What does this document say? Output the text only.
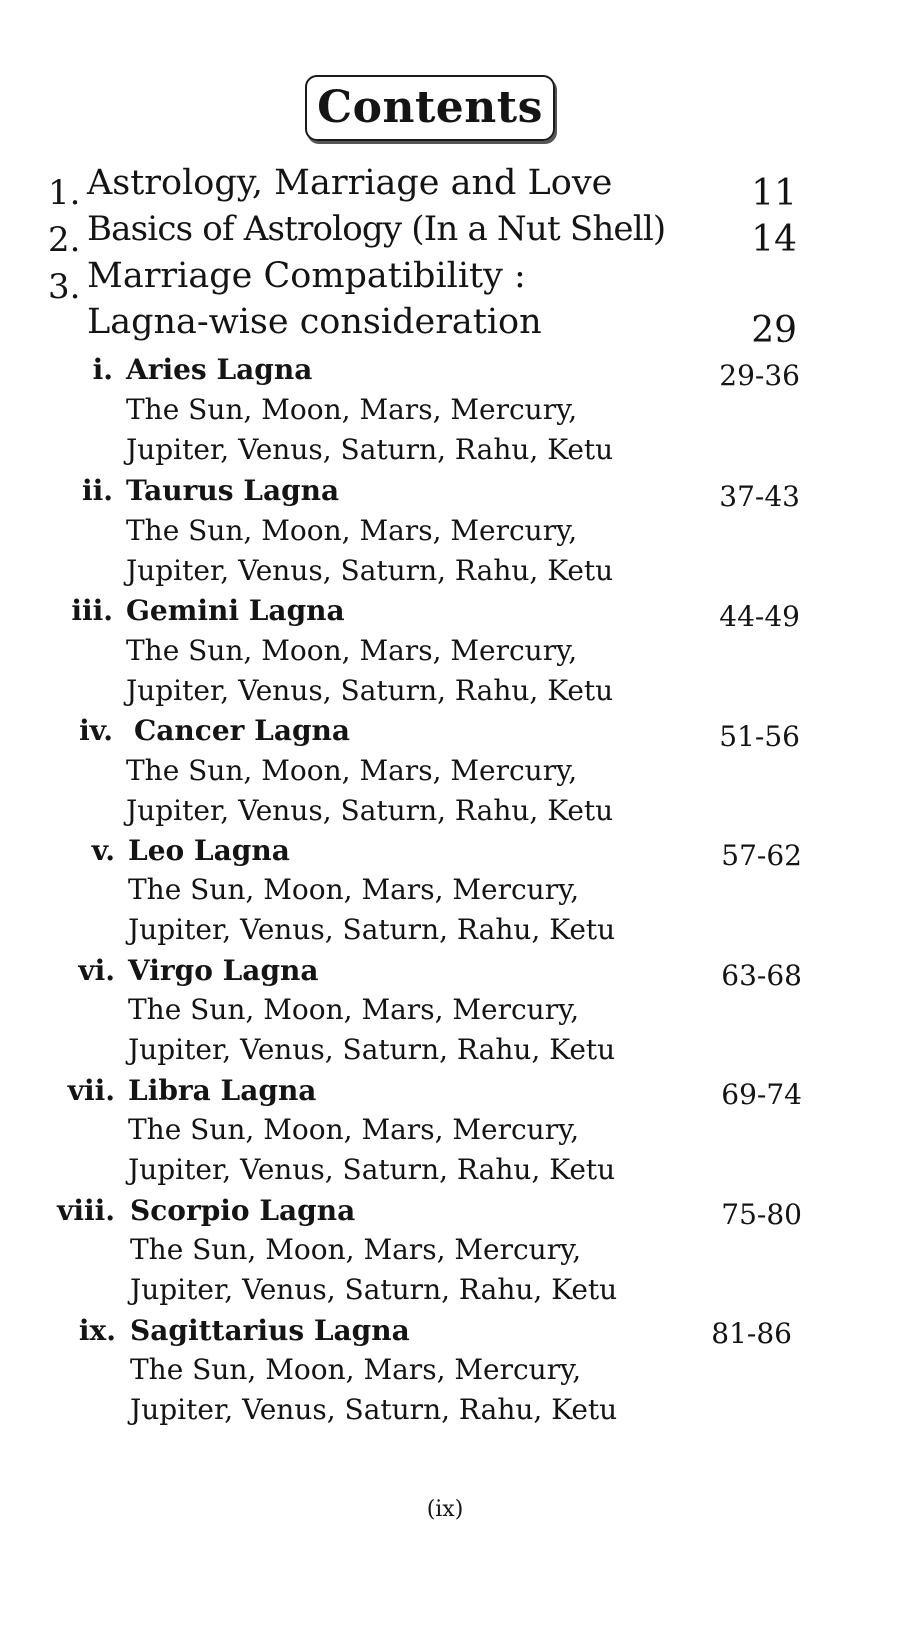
Contents
1. Astrology, Marriage and Love	11
2. Basics of Astrology (In a Nut Shell) 14
3. Marriage Compatibility :
Lagna-wise consideration	29
i. Aries Lagna	29-36
The Sun, Moon, Mars, Mercury,
Jupiter, Venus, Saturn, Rahu, Ketu
ii. Taurus Lagna	37-43
The Sun, Moon, Mars, Mercury,
Jupiter, Venus, Saturn, Rahu, Ketu
iii. Gemini Lagna	44-49
The Sun, Moon, Mars, Mercury,
Jupiter, Venus, Saturn, Rahu, Ketu
iv. Cancer Lagna	51-56
The Sun, Moon, Mars, Mercury,
Jupiter, Venus, Saturn, Rahu, Ketu
v. Leo Lagna	57-62
The Sun, Moon, Mars, Mercury,
Jupiter, Venus, Saturn, Rahu, Ketu
vi. Virgo Lagna	63-68
The Sun, Moon, Mars, Mercury,
Jupiter, Venus, Saturn, Rahu, Ketu
vii. Libra Lagna	69-74
The Sun, Moon, Mars, Mercury,
Jupiter, Venus, Saturn, Rahu, Ketu
viii. Scorpio Lagna	75-80
The Sun, Moon, Mars, Mercury,
Jupiter, Venus, Saturn, Rahu, Ketu
ix. Sagittarius Lagna	81-86
The Sun, Moon, Mars, Mercury,
Jupiter, Venus, Saturn, Rahu, Ketu
(ix)
